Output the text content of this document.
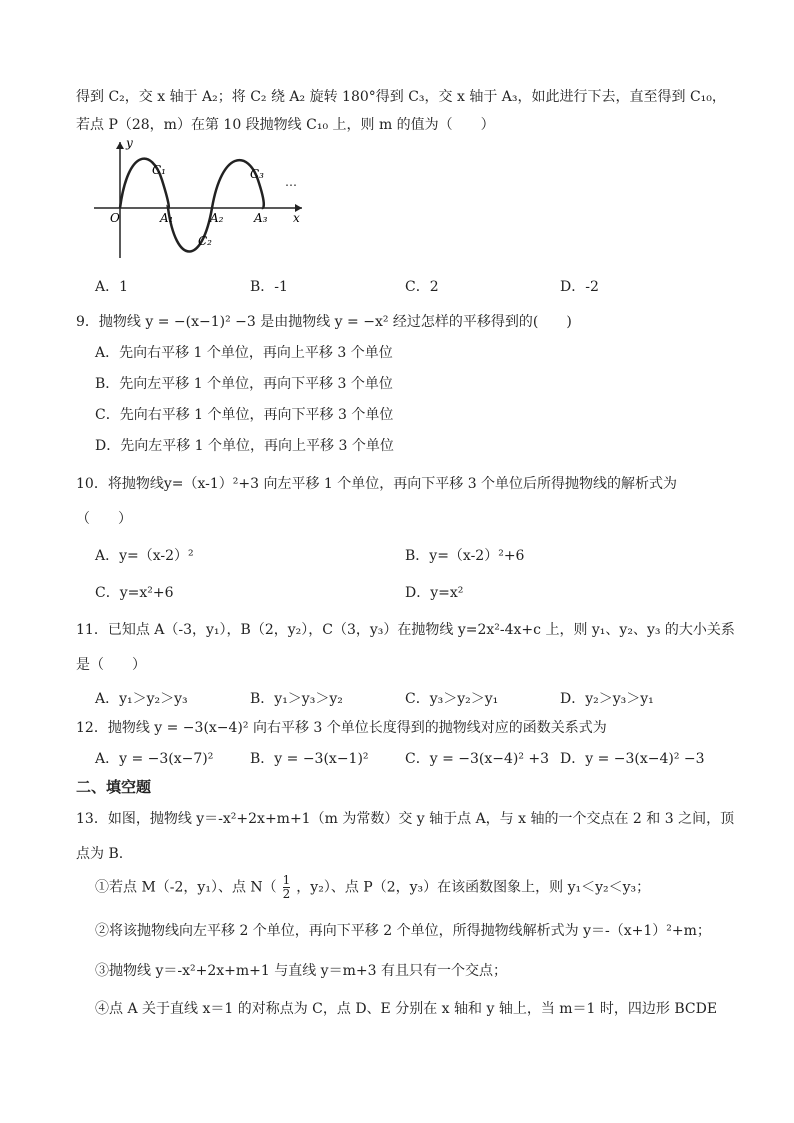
得到 C₂，交 x 轴于 A₂；将 C₂ 绕 A₂ 旋转 180°得到 C₃，交 x 轴于 A₃，如此进行下去，直至得到 C₁₀，
若点 P（28，m）在第 10 段抛物线 C₁₀ 上，则 m 的值为（　　）
…
y
x
O
C₁
C₂
C₃
A₁	A₂	A₃
A．1	B．-1	C．2	D．-2
9．抛物线 y = −(x−1)² −3 是由抛物线 y = −x² 经过怎样的平移得到的(　　)
A．先向右平移 1 个单位，再向上平移 3 个单位
B．先向左平移 1 个单位，再向下平移 3 个单位
C．先向右平移 1 个单位，再向下平移 3 个单位
D．先向左平移 1 个单位，再向上平移 3 个单位
10．将抛物线y=（x-1）²+3 向左平移 1 个单位，再向下平移 3 个单位后所得抛物线的解析式为
（　　）
A．y=（x-2）²	B．y=（x-2）²+6
C．y=x²+6	D．y=x²
11．已知点 A（-3，y₁），B（2，y₂），C（3，y₃）在抛物线 y=2x²-4x+c 上，则 y₁、y₂、y₃ 的大小关系
是（　　）
A．y₁＞y₂＞y₃	B．y₁＞y₃＞y₂	C．y₃＞y₂＞y₁	D．y₂＞y₃＞y₁
12．抛物线 y = −3(x−4)² 向右平移 3 个单位长度得到的抛物线对应的函数关系式为
A．y = −3(x−7)²	B．y = −3(x−1)²	C．y = −3(x−4)² +3 D．y = −3(x−4)² −3
二、填空题
13．如图，抛物线 y＝-x²+2x+m+1（m 为常数）交 y 轴于点 A，与 x 轴的一个交点在 2 和 3 之间，顶
点为 B.
①若点 M（-2，y₁）、点 $N( \frac{1}{2}$ ，y₂）、点 P（2，y₃）在该函数图象上，则 y₁＜y₂＜y₃；
②将该抛物线向左平移 2 个单位，再向下平移 2 个单位，所得抛物线解析式为 y＝-（x+1）²+m；
③抛物线 y＝-x²+2x+m+1 与直线 y＝m+3 有且只有一个交点；
④点 A 关于直线 x＝1 的对称点为 C，点 D、E 分别在 x 轴和 y 轴上，当 m＝1 时，四边形 BCDE
